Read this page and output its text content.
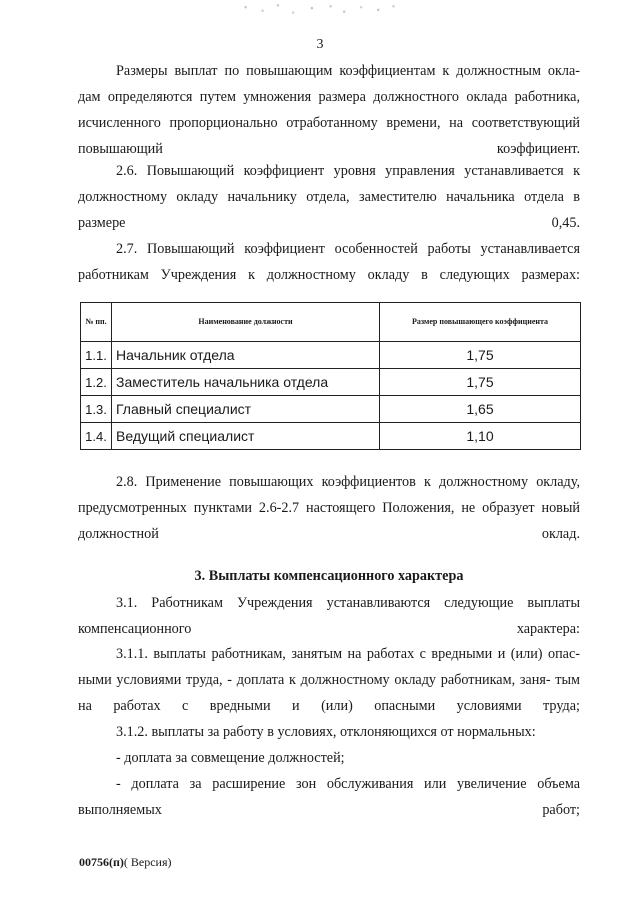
3

Размеры выплат по повышающим коэффициентам к должностным окла- дам определяются путем умножения размера должностного оклада работника, исчисленного пропорционально отработанному времени, на соответствующий повышающий коэффициент.

2.6. Повышающий коэффициент уровня управления устанавливается к должностному окладу начальнику отдела, заместителю начальника отдела в размере 0,45.

2.7. Повышающий коэффициент особенностей работы устанавливается работникам Учреждения к должностному окладу в следующих размерах:

№ пп.	Наименование должности	Размер повышающего коэффициента
1.1.	Начальник отдела	1,75
1.2.	Заместитель начальника отдела	1,75
1.3.	Главный специалист	1,65
1.4.	Ведущий специалист	1,10

2.8. Применение повышающих коэффициентов к должностному окладу, предусмотренных пунктами 2.6-2.7 настоящего Положения, не образует новый должностной оклад.

3. Выплаты компенсационного характера

3.1. Работникам Учреждения устанавливаются следующие выплаты компенсационного характера:

3.1.1. выплаты работникам, занятым на работах с вредными и (или) опас- ными условиями труда, - доплата к должностному окладу работникам, заня- тым на работах с вредными и (или) опасными условиями труда;

3.1.2. выплаты за работу в условиях, отклоняющихся от нормальных:

- доплата за совмещение должностей;

- доплата за расширение зон обслуживания или увеличение объема выполняемых работ;

00756(п)( Версия)
